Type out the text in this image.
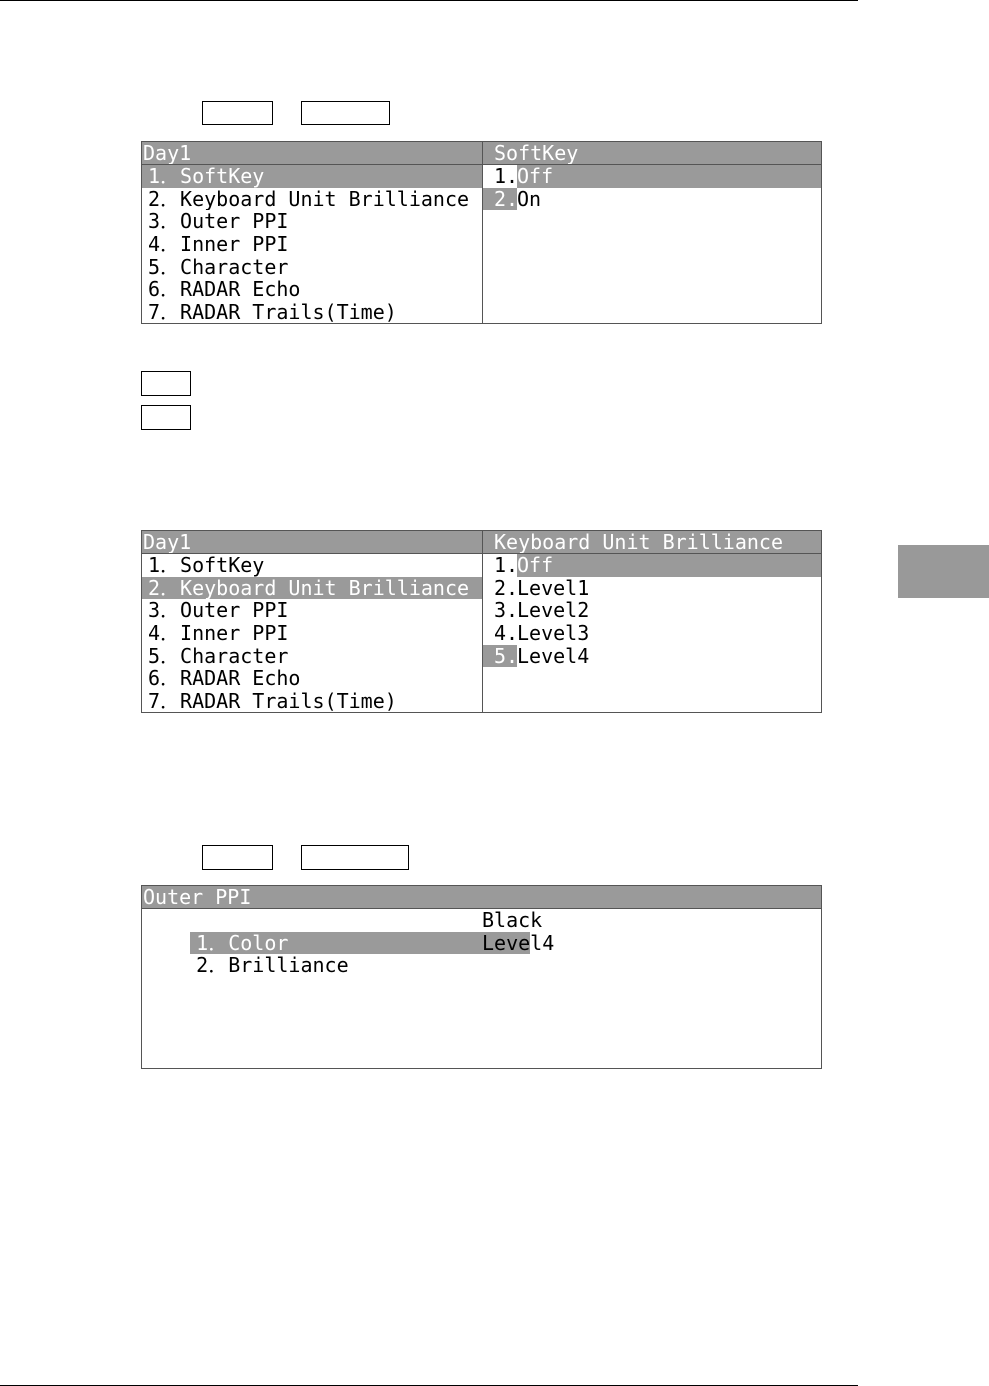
Day1
1．SoftKey
2．Keyboard Unit Brilliance
3．Outer PPI
4．Inner PPI
5．Character
6．RADAR Echo
7．RADAR Trails(Time)
SoftKey
1.Off
2.On
Day1
1．SoftKey
2．Keyboard Unit Brilliance
3．Outer PPI
4．Inner PPI
5．Character
6．RADAR Echo
7．RADAR Trails(Time)
Keyboard Unit Brilliance
1.Off
2.Level1
3.Level2
4.Level3
5.Level4
Outer PPI

1．Color
Black

2．Brilliance
Level4
